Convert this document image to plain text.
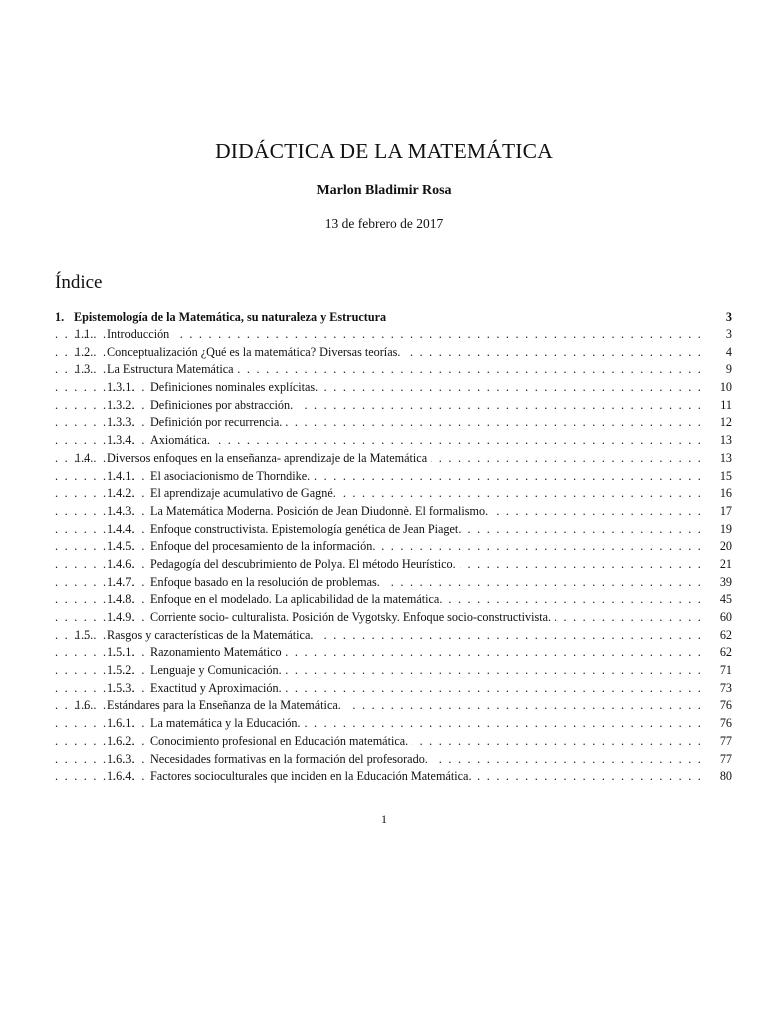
DIDÁCTICA DE LA MATEMÁTICA
Marlon Bladimir Rosa
13 de febrero de 2017
Índice
1. Epistemología de la Matemática, su naturaleza y Estructura	3
. . .
1.1. Introducción	3
. . .
1.2. Conceptualización ¿Qué es la matemática? Diversas teorías.	4
. . .
1.3. La Estructura Matemática	9
. . .
1.3.1. Definiciones nominales explícitas.	10
. . .
1.3.2. Definiciones por abstracción.	11
. . .
1.3.3. Definición por recurrencia.	12
. . .
1.3.4. Axiomática.	13
. . .
1.4. Diversos enfoques en la enseñanza- aprendizaje de la Matemática	13
. . .
1.4.1. El asociacionismo de Thorndike.	15
. . .
1.4.2. El aprendizaje acumulativo de Gagné.	16
. . .
1.4.3. La Matemática Moderna. Posición de Jean Diudonnè. El formalismo.	17
. . .
1.4.4. Enfoque constructivista. Epistemología genética de Jean Piaget.	19
. . .
1.4.5. Enfoque del procesamiento de la información.	20
. . .
1.4.6. Pedagogía del descubrimiento de Polya. El método Heurístico.	21
. . .
1.4.7. Enfoque basado en la resolución de problemas.	39
. . .
1.4.8. Enfoque en el modelado. La aplicabilidad de la matemática.	45
. . .
1.4.9. Corriente socio- culturalista. Posición de Vygotsky. Enfoque socio-constructivista.	60
. . .
1.5. Rasgos y características de la Matemática.	62
. . .
1.5.1. Razonamiento Matemático	62
. . .
1.5.2. Lenguaje y Comunicación.	71
. . .
1.5.3. Exactitud y Aproximación.	73
. . .
1.6. Estándares para la Enseñanza de la Matemática.	76
. . .
1.6.1. La matemática y la Educación.	76
. . .
1.6.2. Conocimiento profesional en Educación matemática.	77
. . .
1.6.3. Necesidades formativas en la formación del profesorado.	77
. . .
1.6.4. Factores socioculturales que inciden en la Educación Matemática.	80
1
